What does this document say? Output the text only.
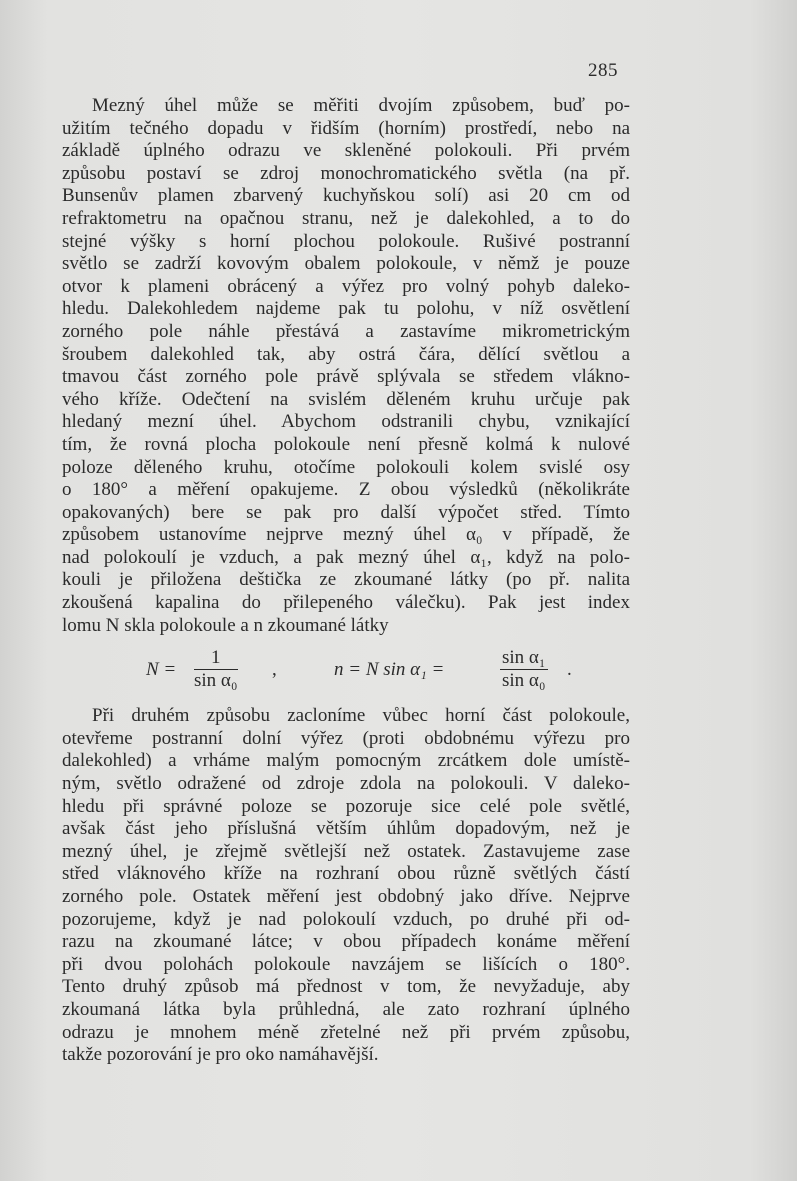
285
Mezný úhel může se měřiti dvojím způsobem, buď po-
užitím tečného dopadu v řidším (horním) prostředí, nebo na
základě úplného odrazu ve skleněné polokouli. Při prvém
způsobu postaví se zdroj monochromatického světla (na př.
Bunsenův plamen zbarvený kuchyňskou solí) asi 20 cm od
refraktometru na opačnou stranu, než je dalekohled, a to do
stejné výšky s horní plochou polokoule. Rušivé postranní
světlo se zadrží kovovým obalem polokoule, v němž je pouze
otvor k plameni obrácený a výřez pro volný pohyb daleko-
hledu. Dalekohledem najdeme pak tu polohu, v níž osvětlení
zorného pole náhle přestává a zastavíme mikrometrickým
šroubem dalekohled tak, aby ostrá čára, dělící světlou a
tmavou část zorného pole právě splývala se středem vlákno-
vého kříže. Odečtení na svislém děleném kruhu určuje pak
hledaný mezní úhel. Abychom odstranili chybu, vznikající
tím, že rovná plocha polokoule není přesně kolmá k nulové
poloze děleného kruhu, otočíme polokouli kolem svislé osy
o 180° a měření opakujeme. Z obou výsledků (několikráte
opakovaných) bere se pak pro další výpočet střed. Tímto
způsobem ustanovíme nejprve mezný úhel α₀ v případě, že
nad polokoulí je vzduch, a pak mezný úhel α₁, když na polo-
kouli je přiložena deštička ze zkoumané látky (po př. nalita
zkoušená kapalina do přilepeného válečku). Pak jest index
lomu N skla polokoule a n zkoumané látky
$N = \frac{1}{\text{sin α₀}}$ ,	n = N sin α₁ =	$\frac{\text{sin α₁}}{\text{sin α₀}}$ .
Při druhém způsobu zacloníme vůbec horní část polokoule,
otevřeme postranní dolní výřez (proti obdobnému výřezu pro
dalekohled) a vrháme malým pomocným zrcátkem dole umístě-
ným, světlo odražené od zdroje zdola na polokouli. V daleko-
hledu při správné poloze se pozoruje sice celé pole světlé,
avšak část jeho příslušná větším úhlům dopadovým, než je
mezný úhel, je zřejmě světlejší než ostatek. Zastavujeme zase
střed vláknového kříže na rozhraní obou různě světlých částí
zorného pole. Ostatek měření jest obdobný jako dříve. Nejprve
pozorujeme, když je nad polokoulí vzduch, po druhé při od-
razu na zkoumané látce; v obou případech konáme měření
při dvou polohách polokoule navzájem se lišících o 180°.
Tento druhý způsob má přednost v tom, že nevyžaduje, aby
zkoumaná látka byla průhledná, ale zato rozhraní úplného
odrazu je mnohem méně zřetelné než při prvém způsobu,
takže pozorování je pro oko namáhavější.
